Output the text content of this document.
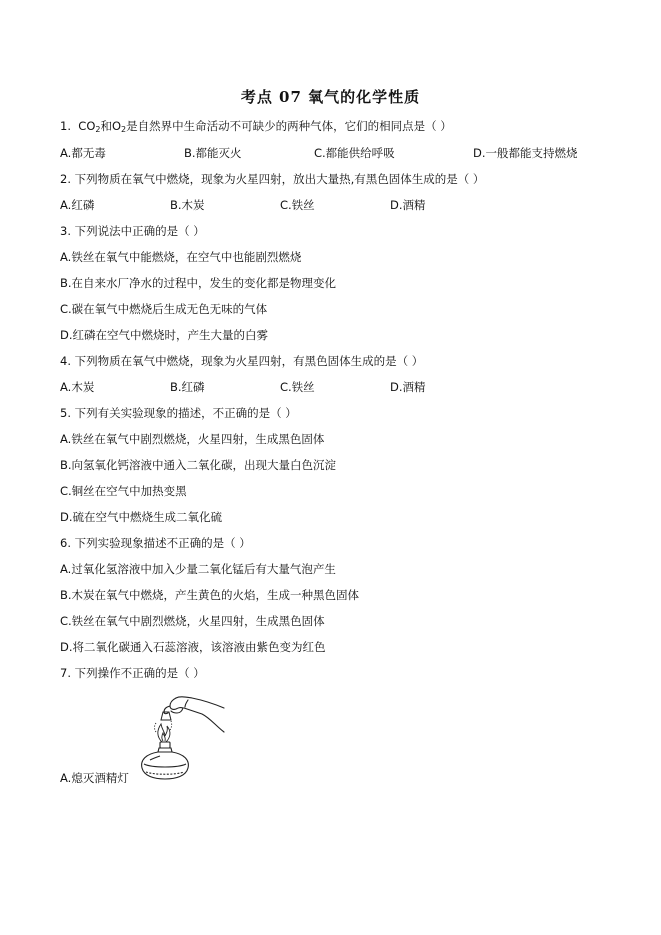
考点 07 氧气的化学性质
1. $CO_2$和$O_2$是自然界中生命活动不可缺少的两种气体，它们的相同点是（ ）
A.都无毒	B.都能灭火	C.都能供给呼吸	D.一般都能支持燃烧
2. 下列物质在氧气中燃烧，现象为火星四射，放出大量热,有黑色固体生成的是（ ）
A.红磷	B.木炭	C.铁丝	D.酒精
3. 下列说法中正确的是（ ）
A.铁丝在氧气中能燃烧，在空气中也能剧烈燃烧
B.在自来水厂净水的过程中，发生的变化都是物理变化
C.碳在氧气中燃烧后生成无色无味的气体
D.红磷在空气中燃烧时，产生大量的白雾
4. 下列物质在氧气中燃烧，现象为火星四射，有黑色固体生成的是（ ）
A.木炭	B.红磷	C.铁丝	D.酒精
5. 下列有关实验现象的描述，不正确的是（ ）
A.铁丝在氧气中剧烈燃烧，火星四射，生成黑色固体
B.向氢氧化钙溶液中通入二氧化碳，出现大量白色沉淀
C.铜丝在空气中加热变黑
D.硫在空气中燃烧生成二氧化硫
6. 下列实验现象描述不正确的是（ ）
A.过氧化氢溶液中加入少量二氧化锰后有大量气泡产生
B.木炭在氧气中燃烧，产生黄色的火焰，生成一种黑色固体
C.铁丝在氧气中剧烈燃烧，火星四射，生成黑色固体
D.将二氧化碳通入石蕊溶液，该溶液由紫色变为红色
7. 下列操作不正确的是（ ）
A.熄灭酒精灯
